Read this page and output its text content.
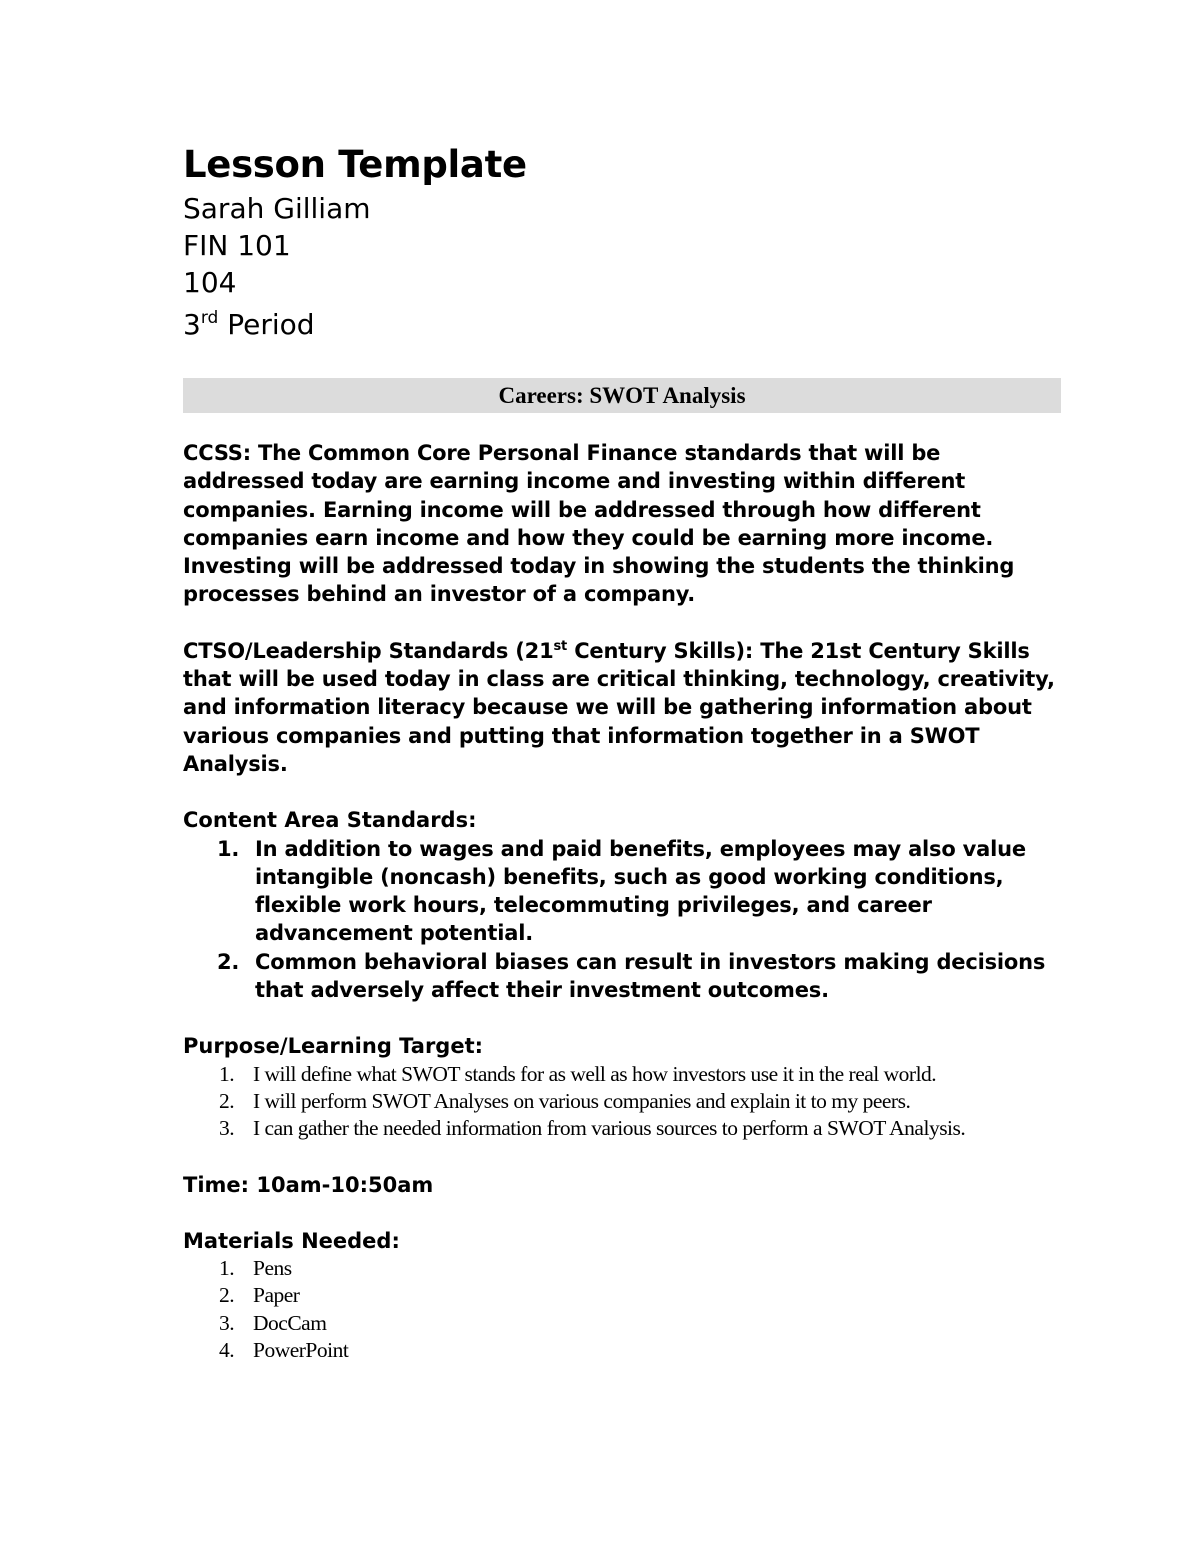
Lesson Template

Sarah Gilliam

FIN 101

104

3rd Period

Careers: SWOT Analysis

CCSS: The Common Core Personal Finance standards that will be addressed today are earning income and investing within different companies. Earning income will be addressed through how different companies earn income and how they could be earning more income. Investing will be addressed today in showing the students the thinking processes behind an investor of a company.

CTSO/Leadership Standards (21st Century Skills): The 21st Century Skills that will be used today in class are critical thinking, technology, creativity, and information literacy because we will be gathering information about various companies and putting that information together in a SWOT Analysis.

Content Area Standards:

1. In addition to wages and paid benefits, employees may also value intangible (noncash) benefits, such as good working conditions, flexible work hours, telecommuting privileges, and career advancement potential.
2. Common behavioral biases can result in investors making decisions that adversely affect their investment outcomes.

Purpose/Learning Target:

1. I will define what SWOT stands for as well as how investors use it in the real world.
2. I will perform SWOT Analyses on various companies and explain it to my peers.
3. I can gather the needed information from various sources to perform a SWOT Analysis.

Time: 10am-10:50am

Materials Needed:

1. Pens
2. Paper
3. DocCam
4. PowerPoint
